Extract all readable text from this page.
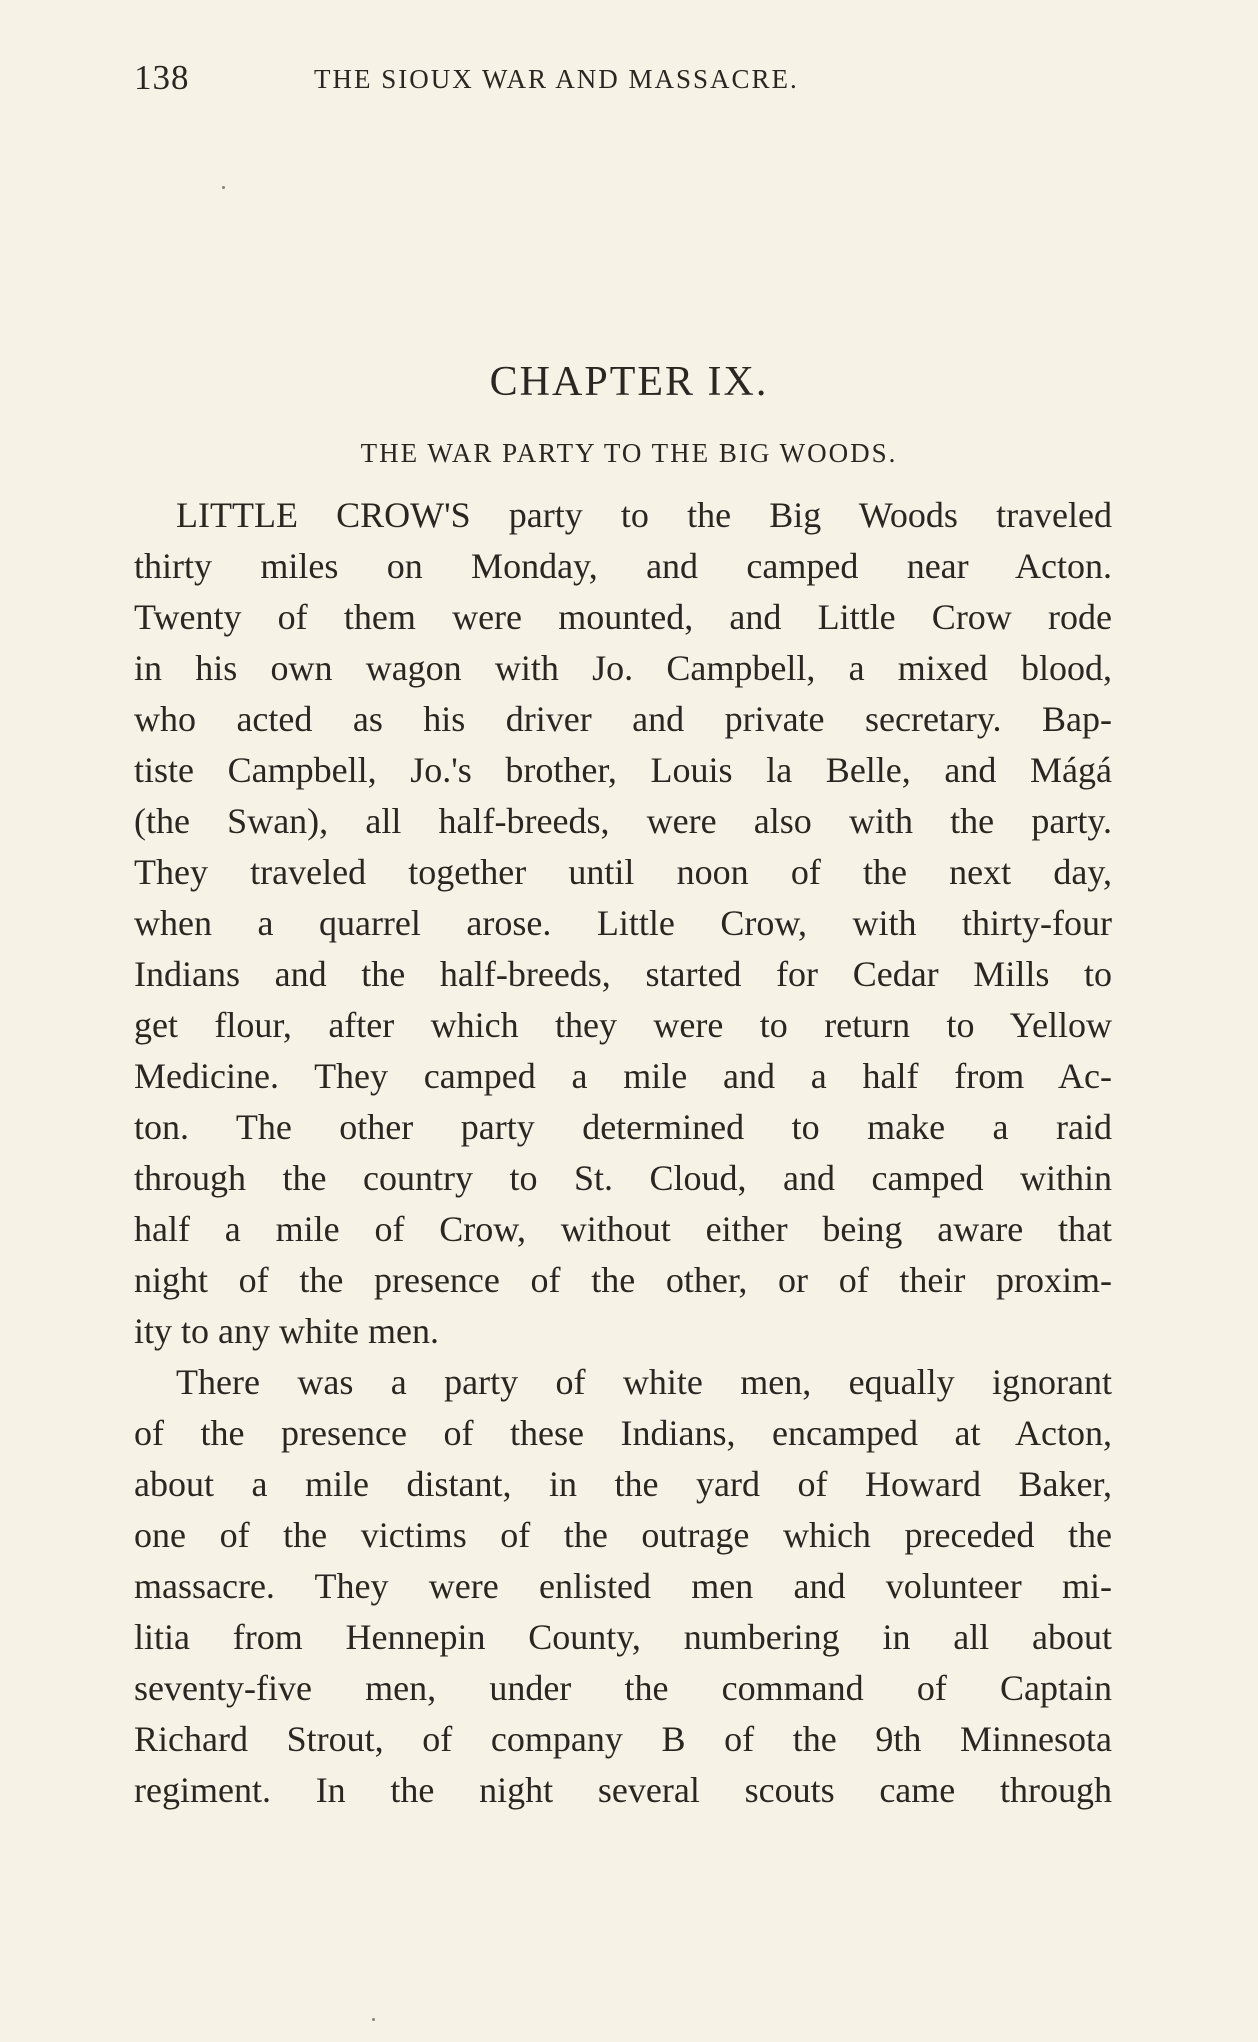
138	THE SIOUX WAR AND MASSACRE.
CHAPTER IX.
THE WAR PARTY TO THE BIG WOODS.
LITTLE CROW'S party to the Big Woods traveled
thirty miles on Monday, and camped near Acton.
Twenty of them were mounted, and Little Crow rode
in his own wagon with Jo. Campbell, a mixed blood,
who acted as his driver and private secretary. Bap-
tiste Campbell, Jo.'s brother, Louis la Belle, and Mágá
(the Swan), all half-breeds, were also with the party.
They traveled together until noon of the next day,
when a quarrel arose. Little Crow, with thirty-four
Indians and the half-breeds, started for Cedar Mills to
get flour, after which they were to return to Yellow
Medicine. They camped a mile and a half from Ac-
ton. The other party determined to make a raid
through the country to St. Cloud, and camped within
half a mile of Crow, without either being aware that
night of the presence of the other, or of their proxim-
ity to any white men.
There was a party of white men, equally ignorant
of the presence of these Indians, encamped at Acton,
about a mile distant, in the yard of Howard Baker,
one of the victims of the outrage which preceded the
massacre. They were enlisted men and volunteer mi-
litia from Hennepin County, numbering in all about
seventy-five men, under the command of Captain
Richard Strout, of company B of the 9th Minnesota
regiment. In the night several scouts came through
